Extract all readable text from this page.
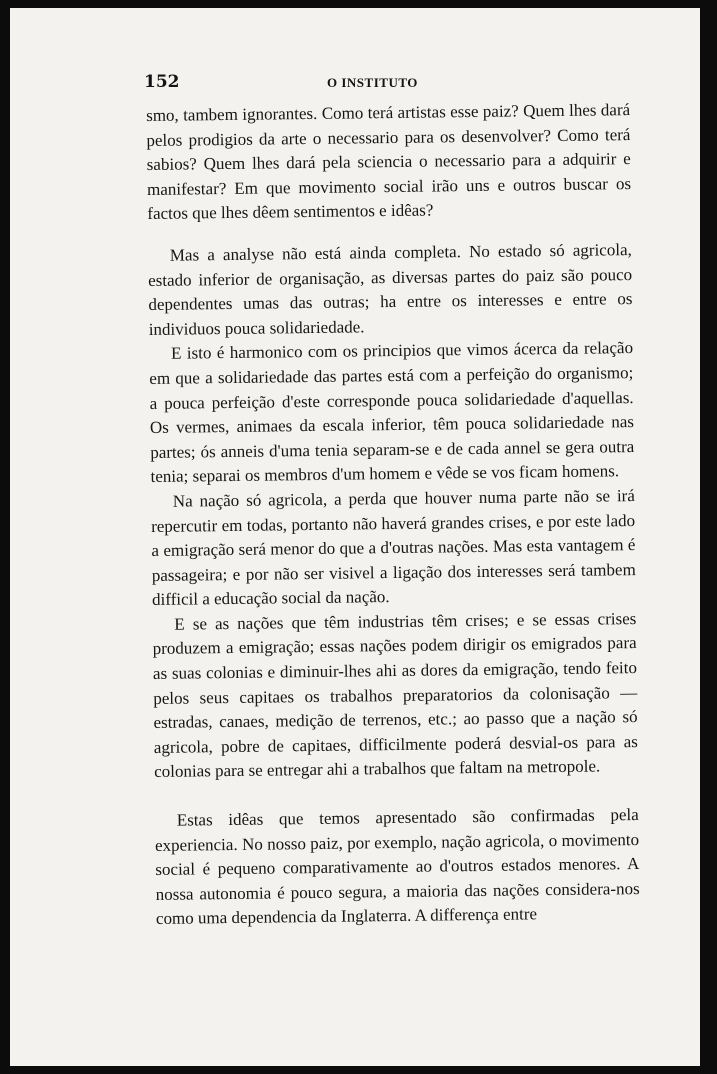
152	O INSTITUTO

smo, tambem ignorantes. Como terá artistas esse paiz? Quem lhes dará pelos prodigios da arte o necessario para os desenvolver? Como terá sabios? Quem lhes dará pela sciencia o necessario para a adquirir e manifestar? Em que movimento social irão uns e outros buscar os factos que lhes dêem sentimentos e idêas?

Mas a analyse não está ainda completa. No estado só agricola, estado inferior de organisação, as diversas partes do paiz são pouco dependentes umas das outras; ha entre os interesses e entre os individuos pouca solidariedade.

E isto é harmonico com os principios que vimos ácerca da relação em que a solidariedade das partes está com a perfeição do organismo; a pouca perfeição d'este corresponde pouca solidariedade d'aquellas. Os vermes, animaes da escala inferior, têm pouca solidariedade nas partes; ós anneis d'uma tenia separam-se e de cada annel se gera outra tenia; separai os membros d'um homem e vêde se vos ficam homens.

Na nação só agricola, a perda que houver numa parte não se irá repercutir em todas, portanto não haverá grandes crises, e por este lado a emigração será menor do que a d'outras nações. Mas esta vantagem é passageira; e por não ser visivel a ligação dos interesses será tambem difficil a educação social da nação.

E se as nações que têm industrias têm crises; e se essas crises produzem a emigração; essas nações podem dirigir os emigrados para as suas colonias e diminuir-lhes ahi as dores da emigração, tendo feito pelos seus capitaes os trabalhos preparatorios da colonisação — estradas, canaes, medição de terrenos, etc.; ao passo que a nação só agricola, pobre de capitaes, difficilmente poderá desvial-os para as colonias para se entregar ahi a trabalhos que faltam na metropole.

Estas idêas que temos apresentado são confirmadas pela experiencia. No nosso paiz, por exemplo, nação agricola, o movimento social é pequeno comparativamente ao d'outros estados menores. A nossa autonomia é pouco segura, a maioria das nações considera-nos como uma dependencia da Inglaterra. A differença entre
